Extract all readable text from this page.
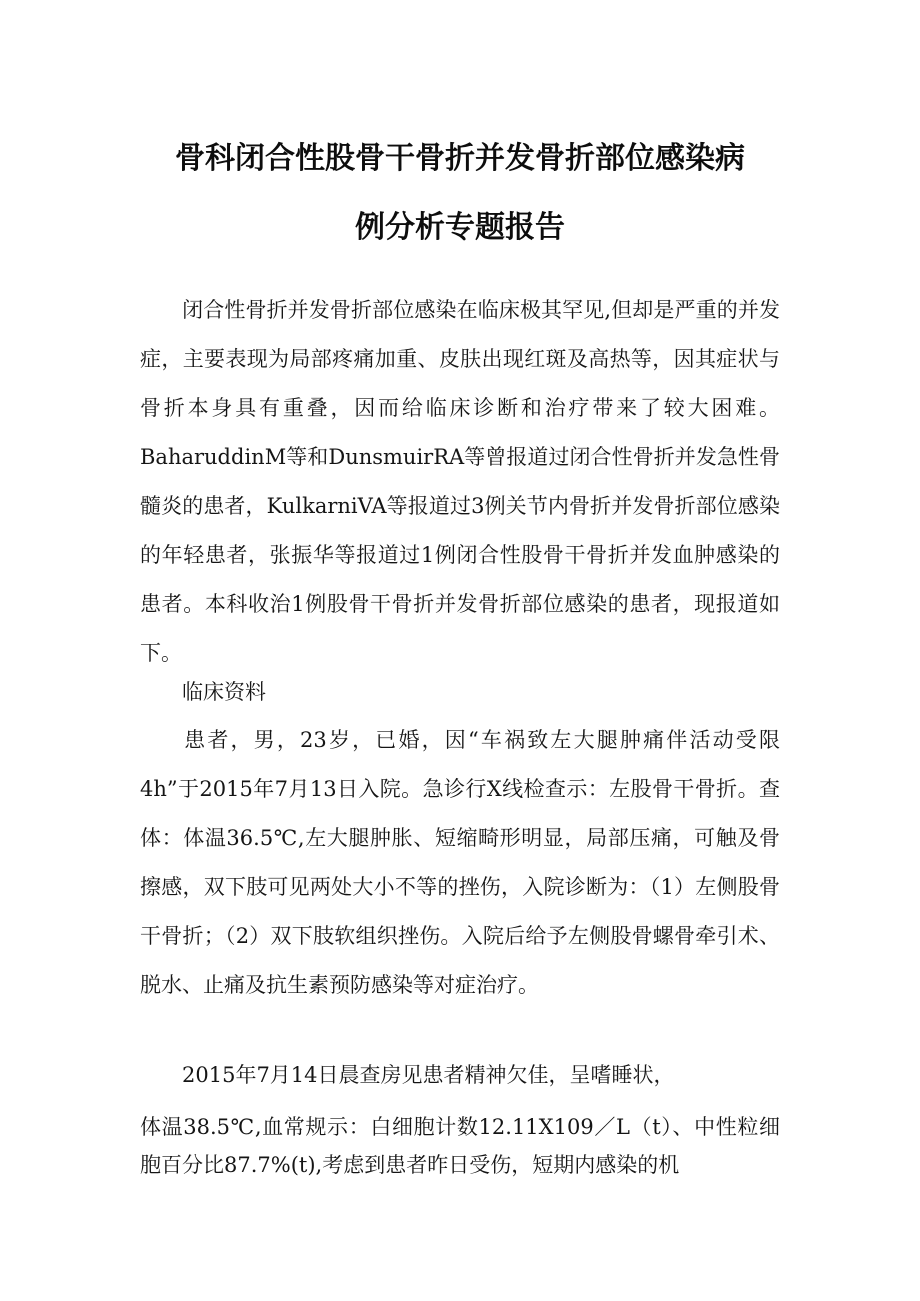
骨科闭合性股骨干骨折并发骨折部位感染病
例分析专题报告
闭合性骨折并发骨折部位感染在临床极其罕见,但却是严重的并发症，主要表现为局部疼痛加重、皮肤出现红斑及高热等，因其症状与骨折本身具有重叠，因而给临床诊断和治疗带来了较大困难。BaharuddinM等和DunsmuirRA等曾报道过闭合性骨折并发急性骨髓炎的患者，KulkarniVA等报道过3例关节内骨折并发骨折部位感染的年轻患者，张振华等报道过1例闭合性股骨干骨折并发血肿感染的患者。本科收治1例股骨干骨折并发骨折部位感染的患者，现报道如下。
临床资料
患者，男，23岁，已婚，因“车祸致左大腿肿痛伴活动受限4h”于2015年7月13日入院。急诊行X线检查示：左股骨干骨折。查体：体温36.5℃,左大腿肿胀、短缩畸形明显，局部压痛，可触及骨擦感，双下肢可见两处大小不等的挫伤，入院诊断为：（1）左侧股骨干骨折；（2）双下肢软组织挫伤。入院后给予左侧股骨螺骨牵引术、脱水、止痛及抗生素预防感染等对症治疗。
2015年7月14日晨查房见患者精神欠佳，呈嗜睡状，
体温38.5℃,血常规示：白细胞计数12.11X109／L（t）、中性粒细胞百分比87.7%(t),考虑到患者昨日受伤，短期内感染的机
